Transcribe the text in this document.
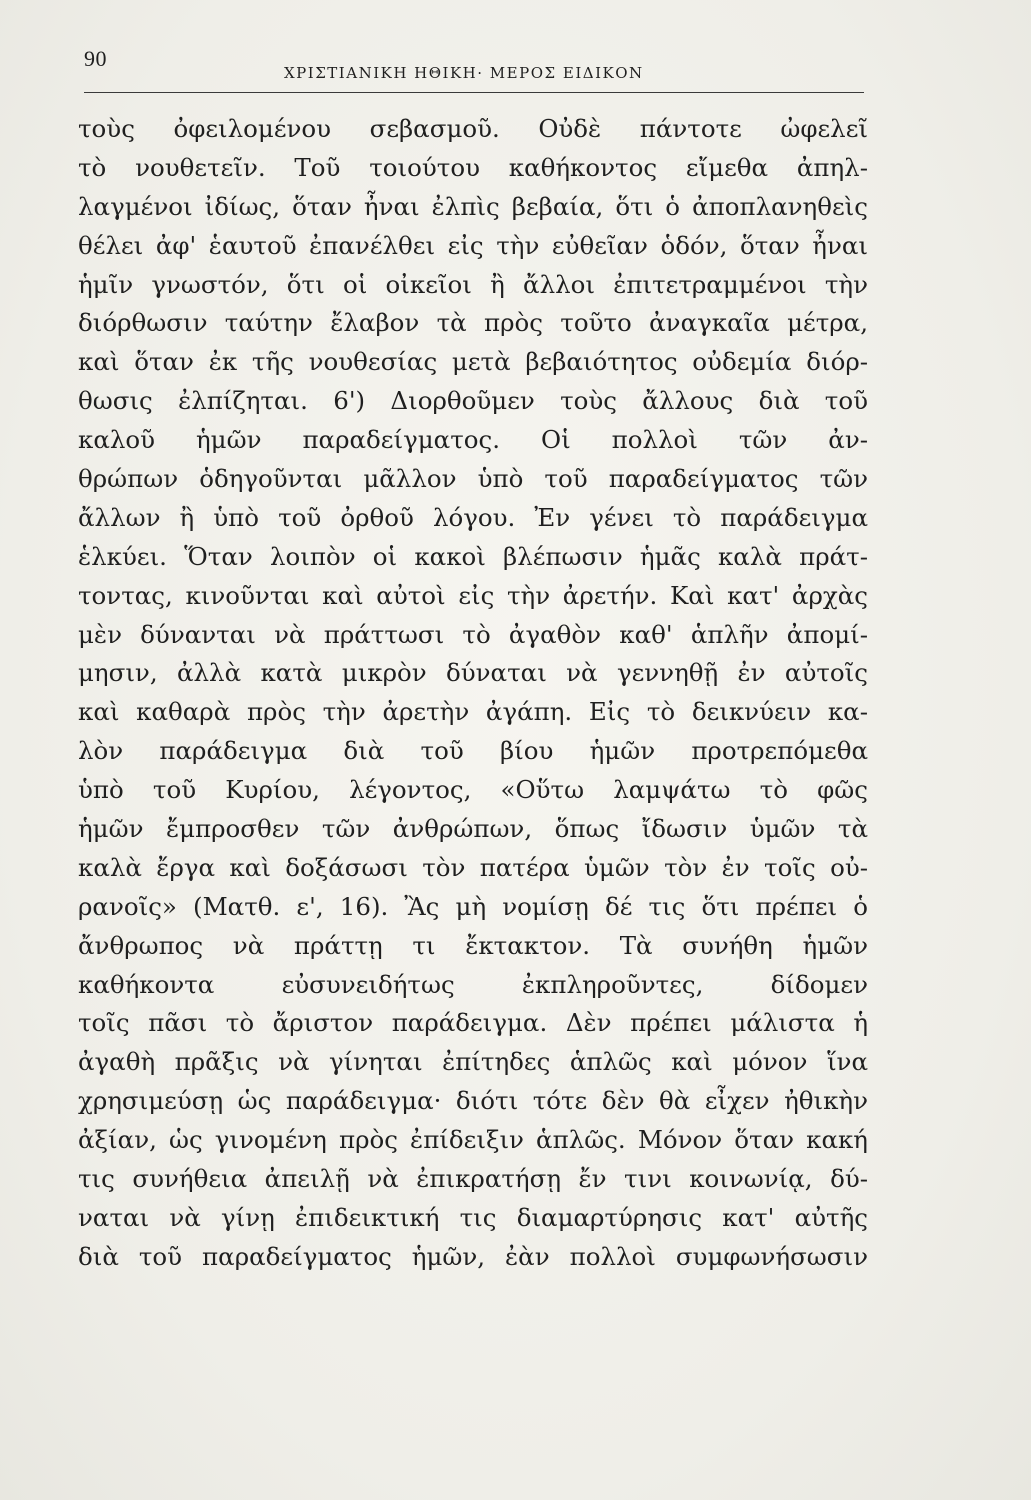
90
ΧΡΙΣΤΙΑΝΙΚΗ ΗΘΙΚΗ· ΜΕΡΟΣ ΕΙΔΙΚΟΝ
τοὺς ὀφειλομένου σεβασμοῦ. Οὐδὲ πάντοτε ὠφελεῖ
τὸ νουθετεῖν. Τοῦ τοιούτου καθήκοντος εἴμεθα ἀπηλ-
λαγμένοι ἰδίως, ὅταν ἦναι ἐλπὶς βεβαία, ὅτι ὁ ἀποπλανηθεὶς
θέλει ἀφ' ἑαυτοῦ ἐπανέλθει εἰς τὴν εὐθεῖαν ὁδόν, ὅταν ἦναι
ἡμῖν γνωστόν, ὅτι οἱ οἰκεῖοι ἢ ἄλλοι ἐπιτετραμμένοι τὴν
διόρθωσιν ταύτην ἔλαβον τὰ πρὸς τοῦτο ἀναγκαῖα μέτρα,
καὶ ὅταν ἐκ τῆς νουθεσίας μετὰ βεβαιότητος οὐδεμία διόρ-
θωσις ἐλπίζηται. 6') Διορθοῦμεν τοὺς ἄλλους διὰ τοῦ
καλοῦ ἡμῶν παραδείγματος. Οἱ πολλοὶ τῶν ἀν-
θρώπων ὁδηγοῦνται μᾶλλον ὑπὸ τοῦ παραδείγματος τῶν
ἄλλων ἢ ὑπὸ τοῦ ὀρθοῦ λόγου. Ἐν γένει τὸ παράδειγμα
ἑλκύει. Ὅταν λοιπὸν οἱ κακοὶ βλέπωσιν ἡμᾶς καλὰ πράτ-
τοντας, κινοῦνται καὶ αὐτοὶ εἰς τὴν ἀρετήν. Καὶ κατ' ἀρχὰς
μὲν δύνανται νὰ πράττωσι τὸ ἀγαθὸν καθ' ἁπλῆν ἀπομί-
μησιν, ἀλλὰ κατὰ μικρὸν δύναται νὰ γεννηθῇ ἐν αὐτοῖς
καὶ καθαρὰ πρὸς τὴν ἀρετὴν ἀγάπη. Εἰς τὸ δεικνύειν κα-
λὸν παράδειγμα διὰ τοῦ βίου ἡμῶν προτρεπόμεθα
ὑπὸ τοῦ Κυρίου, λέγοντος, «Οὕτω λαμψάτω τὸ φῶς
ἡμῶν ἔμπροσθεν τῶν ἀνθρώπων, ὅπως ἴδωσιν ὑμῶν τὰ
καλὰ ἔργα καὶ δοξάσωσι τὸν πατέρα ὑμῶν τὸν ἐν τοῖς οὐ-
ρανοῖς» (Ματθ. ε', 16). Ἂς μὴ νομίσῃ δέ τις ὅτι πρέπει ὁ
ἄνθρωπος νὰ πράττῃ τι ἔκτακτον. Τὰ συνήθη ἡμῶν
καθήκοντα εὐσυνειδήτως ἐκπληροῦντες, δίδομεν
τοῖς πᾶσι τὸ ἄριστον παράδειγμα. Δὲν πρέπει μάλιστα ἡ
ἀγαθὴ πρᾶξις νὰ γίνηται ἐπίτηδες ἁπλῶς καὶ μόνον ἵνα
χρησιμεύσῃ ὡς παράδειγμα· διότι τότε δὲν θὰ εἶχεν ἠθικὴν
ἀξίαν, ὡς γινομένη πρὸς ἐπίδειξιν ἁπλῶς. Μόνον ὅταν κακή
τις συνήθεια ἀπειλῇ νὰ ἐπικρατήσῃ ἔν τινι κοινωνίᾳ, δύ-
ναται νὰ γίνῃ ἐπιδεικτική τις διαμαρτύρησις κατ' αὐτῆς
διὰ τοῦ παραδείγματος ἡμῶν, ἐὰν πολλοὶ συμφωνήσωσιν
